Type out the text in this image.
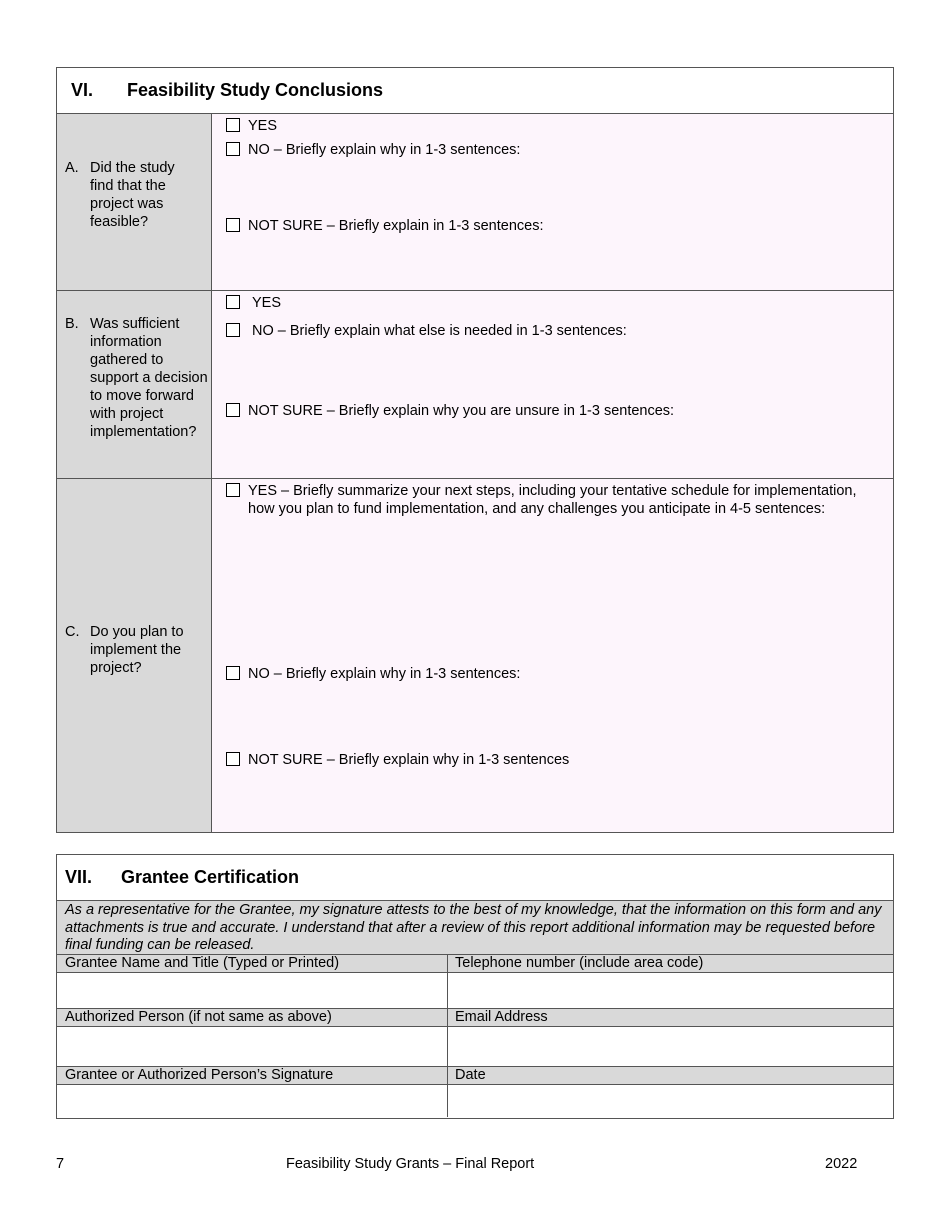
VI.	Feasibility Study Conclusions
A. Did the study find that the project was feasible?
YES
NO – Briefly explain why in 1-3 sentences:
NOT SURE – Briefly explain in 1-3 sentences:
B. Was sufficient information gathered to support a decision to move forward with project implementation?
YES
NO – Briefly explain what else is needed in 1-3 sentences:
NOT SURE – Briefly explain why you are unsure in 1-3 sentences:
C. Do you plan to implement the project?
YES – Briefly summarize your next steps, including your tentative schedule for implementation, how you plan to fund implementation, and any challenges you anticipate in 4-5 sentences:
NO – Briefly explain why in 1-3 sentences:
NOT SURE – Briefly explain why in 1-3 sentences
VII.	Grantee Certification
As a representative for the Grantee, my signature attests to the best of my knowledge, that the information on this form and any attachments is true and accurate. I understand that after a review of this report additional information may be requested before final funding can be released.
Grantee Name and Title (Typed or Printed)	Telephone number (include area code)
Authorized Person (if not same as above)	Email Address
Grantee or Authorized Person’s Signature	Date
7	Feasibility Study Grants – Final Report	2022
